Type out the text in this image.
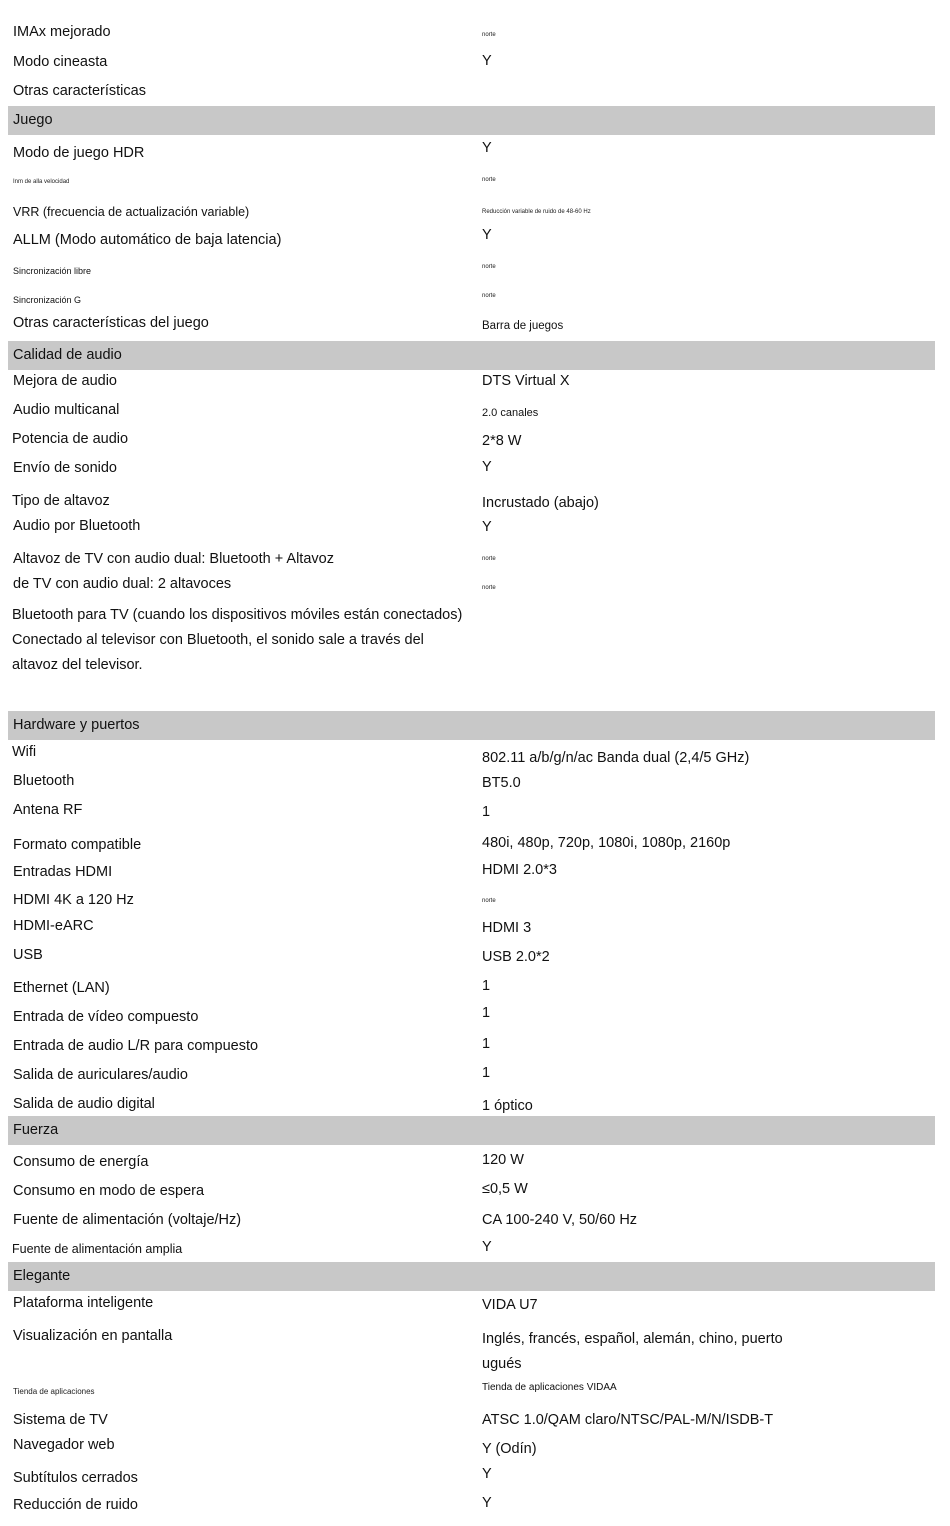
IMAx mejorado	norte
Modo cineasta	Y
Otras características
Juego
Modo de juego HDR	Y
Inm de alla velocidad	norte
VRR (frecuencia de actualización variable)	Reducción variable de ruido de 48-60 Hz
ALLM (Modo automático de baja latencia)	Y
Sincronización libre	norte
Sincronización G	norte
Otras características del juego	Barra de juegos
Calidad de audio
Mejora de audio	DTS Virtual X
Audio multicanal	2.0 canales
Potencia de audio	2*8 W
Envío de sonido	Y
Tipo de altavoz	Incrustado (abajo)
Audio por Bluetooth	Y
Altavoz de TV con audio dual: Bluetooth + Altavoz	norte
de TV con audio dual: 2 altavoces	norte
Bluetooth para TV (cuando los dispositivos móviles están conectados)
Conectado al televisor con Bluetooth, el sonido sale a través del
altavoz del televisor.
Hardware y puertos
Wifi	802.11 a/b/g/n/ac Banda dual (2,4/5 GHz)
Bluetooth	BT5.0
Antena RF	1
Formato compatible	480i, 480p, 720p, 1080i, 1080p, 2160p
Entradas HDMI	HDMI 2.0*3
HDMI 4K a 120 Hz	norte
HDMI-eARC	HDMI 3
USB	USB 2.0*2
Ethernet (LAN)	1
Entrada de vídeo compuesto	1
Entrada de audio L/R para compuesto	1
Salida de auriculares/audio	1
Salida de audio digital	1 óptico
Fuerza
Consumo de energía	120 W
Consumo en modo de espera	≤0,5 W
Fuente de alimentación (voltaje/Hz)	CA 100-240 V, 50/60 Hz
Fuente de alimentación amplia	Y
Elegante
Plataforma inteligente	VIDA U7
Visualización en pantalla	Inglés, francés, español, alemán, chino, puerto
ugués
Tienda de aplicaciones	Tienda de aplicaciones VIDAA
Sistema de TV	ATSC 1.0/QAM claro/NTSC/PAL-M/N/ISDB-T
Navegador web	Y (Odín)
Subtítulos cerrados	Y
Reducción de ruido	Y
